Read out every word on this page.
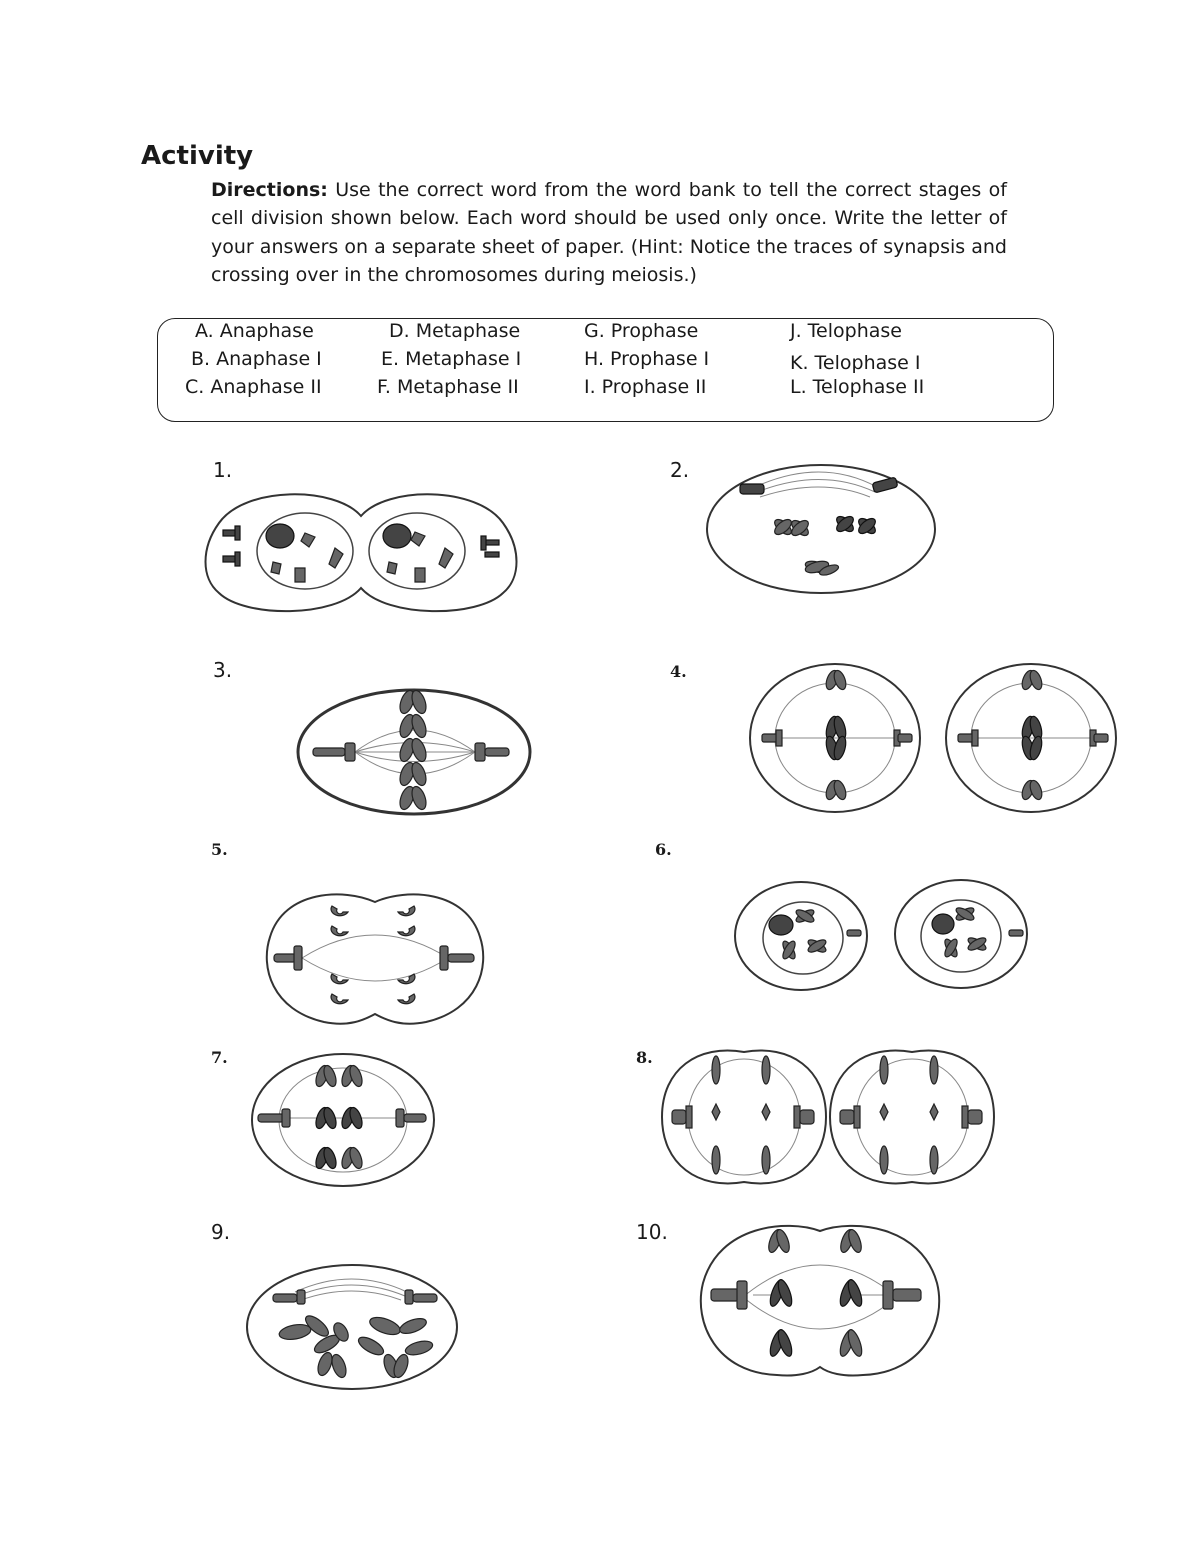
Activity
Directions: Use the correct word from the word bank to tell the correct stages of cell division shown below. Each word should be used only once. Write the letter of your answers on a separate sheet of paper. (Hint: Notice the traces of synapsis and crossing over in the chromosomes during meiosis.)
A. Anaphase
B. Anaphase I
C. Anaphase II
D. Metaphase
E. Metaphase I
F. Metaphase II
G. Prophase
H. Prophase I
I. Prophase II
J. Telophase
K. Telophase I
L. Telophase II
1.	2.
3.	4.
5.	6.
7.	8.
9.	10.
